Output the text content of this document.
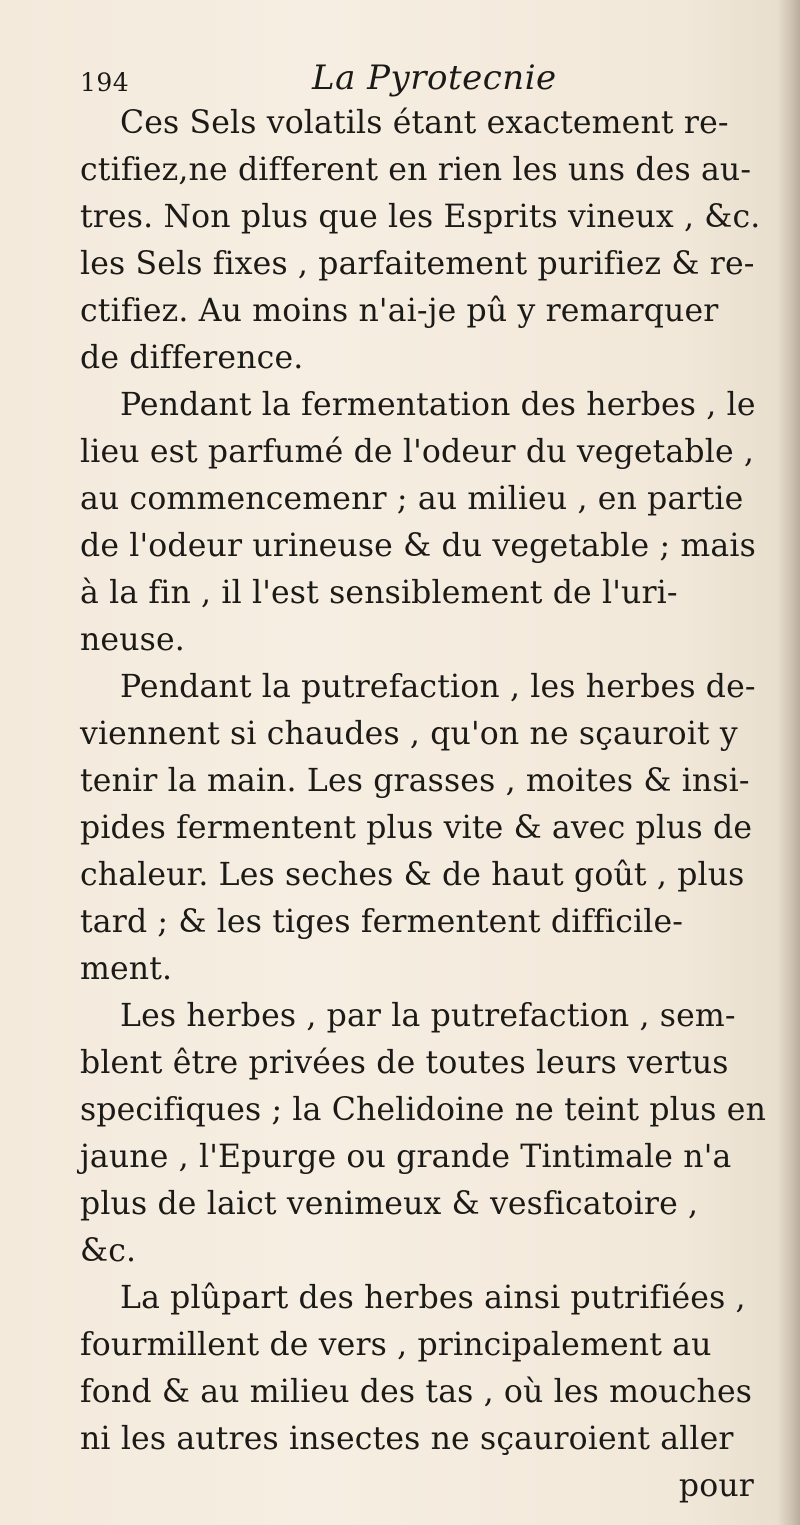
194	La Pyrotecnie
Ces Sels volatils étant exactement re-
ctifiez,ne different en rien les uns des au-
tres. Non plus que les Esprits vineux , &c.
les Sels fixes , parfaitement purifiez & re-
ctifiez. Au moins n'ai-je pû y remarquer
de difference.
Pendant la fermentation des herbes , le
lieu est parfumé de l'odeur du vegetable ,
au commencemenr ; au milieu , en partie
de l'odeur urineuse & du vegetable ; mais
à la fin , il l'est sensiblement de l'uri-
neuse.
Pendant la putrefaction , les herbes de-
viennent si chaudes , qu'on ne sçauroit y
tenir la main. Les grasses , moites & insi-
pides fermentent plus vite & avec plus de
chaleur. Les seches & de haut goût , plus
tard ; & les tiges fermentent difficile-
ment.
Les herbes , par la putrefaction , sem-
blent être privées de toutes leurs vertus
specifiques ; la Chelidoine ne teint plus en
jaune , l'Epurge ou grande Tintimale n'a
plus de laict venimeux & vesficatoire ,
&c.
La plûpart des herbes ainsi putrifiées ,
fourmillent de vers , principalement au
fond & au milieu des tas , où les mouches
ni les autres insectes ne sçauroient aller
pour
